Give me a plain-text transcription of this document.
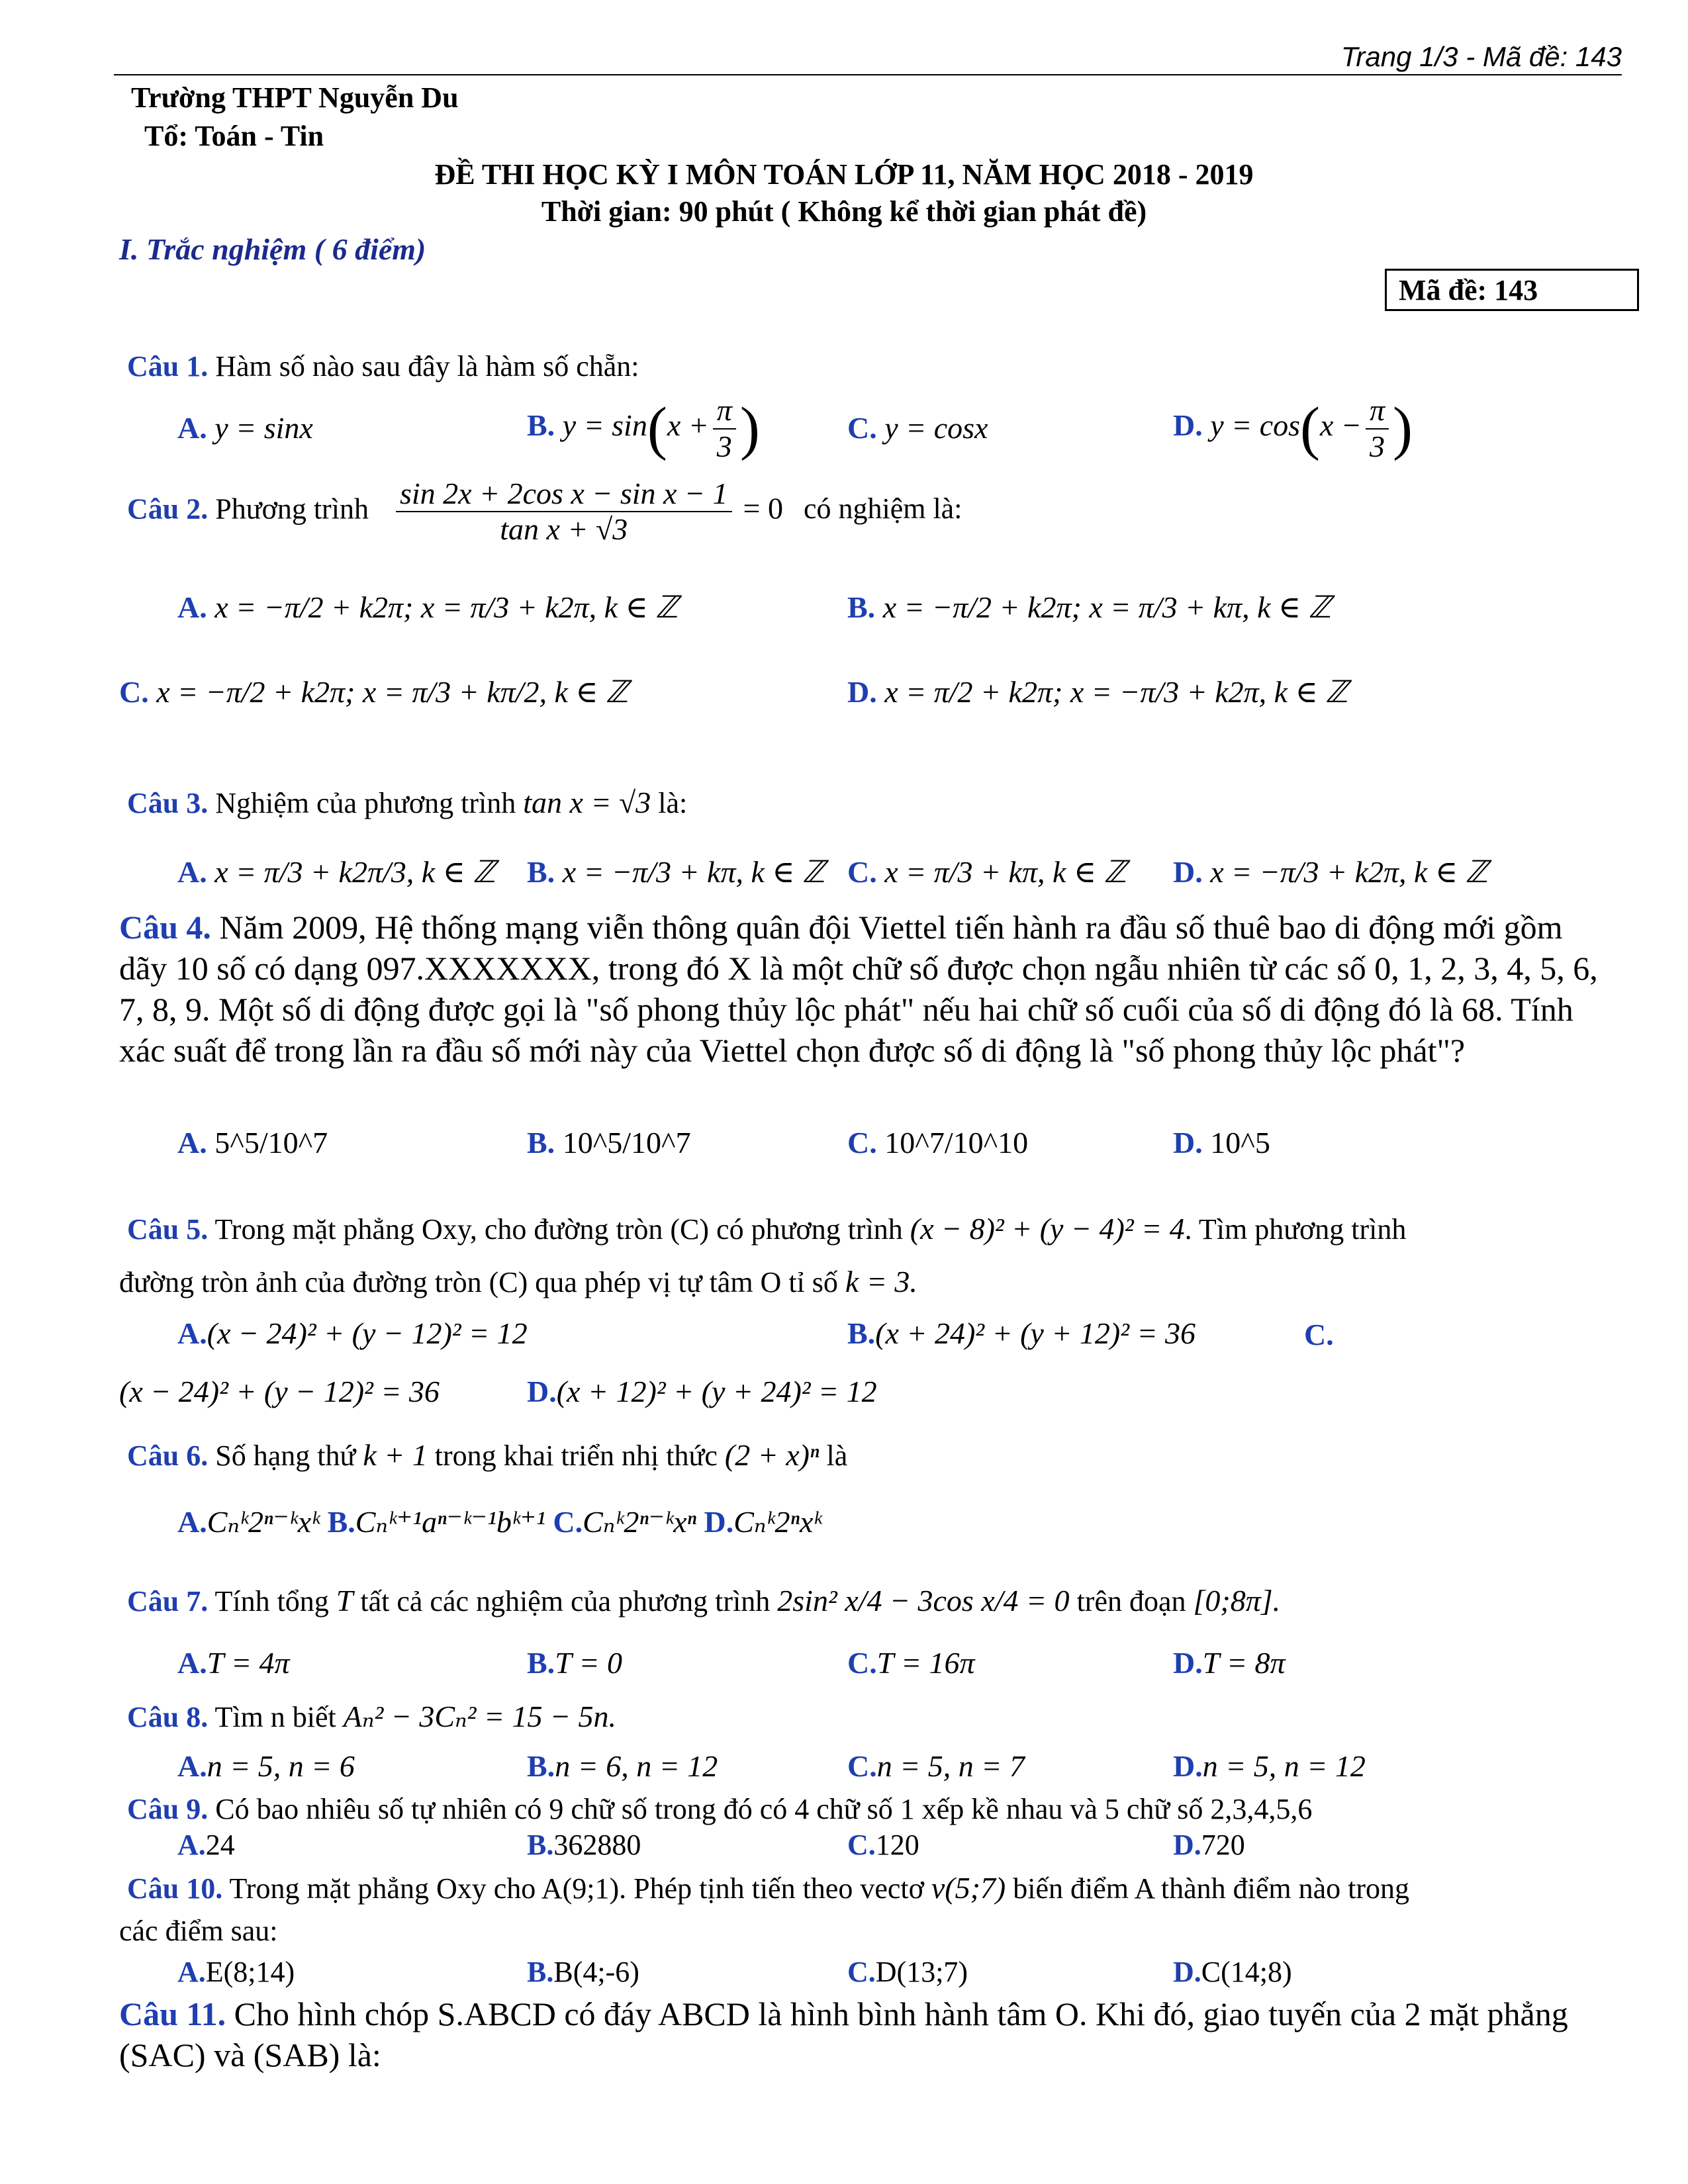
Trang 1/3 - Mã đề: 143
Trường THPT Nguyễn Du
Tổ: Toán - Tin
ĐỀ THI HỌC KỲ I MÔN TOÁN LỚP 11, NĂM HỌC 2018 - 2019
Thời gian: 90 phút ( Không kể thời gian phát đề)
I. Trắc nghiệm ( 6 điểm)
Mã đề: 143
Câu 1. Hàm số nào sau đây là hàm số chẵn:
A. y = sinx	B. $y = \sin(x + \frac{\pi}{3}$ )	C. y = cosx	D. $y = \cos(x - \frac{\pi}{3}$ )
Câu 2. Phương trình $\frac{\text{sin 2x + 2cos x − sin x − 1}}{\text{tan x + √3}} = 0$ có nghiệm là:
A. x = −π/2 + k2π; x = π/3 + k2π, k ∈ ℤ	B. x = −π/2 + k2π; x = π/3 + kπ, k ∈ ℤ
C. x = −π/2 + k2π; x = π/3 + kπ/2, k ∈ ℤ	D. x = π/2 + k2π; x = −π/3 + k2π, k ∈ ℤ
Câu 3. Nghiệm của phương trình tan x = √3 là:
A. x = π/3 + k2π/3, k ∈ ℤ B. x = −π/3 + kπ, k ∈ ℤ C. x = π/3 + kπ, k ∈ ℤ D. x = −π/3 + k2π, k ∈ ℤ
Câu 4. Năm 2009, Hệ thống mạng viễn thông quân đội Viettel tiến hành ra đầu số thuê bao di động mới gồm dãy 10 số có dạng 097.XXXXXXX, trong đó X là một chữ số được chọn ngẫu nhiên từ các số 0, 1, 2, 3, 4, 5, 6, 7, 8, 9. Một số di động được gọi là "số phong thủy lộc phát" nếu hai chữ số cuối của số di động đó là 68. Tính xác suất để trong lần ra đầu số mới này của Viettel chọn được số di động là "số phong thủy lộc phát"?
A. 5^5/10^7	B. 10^5/10^7	C. 10^7/10^10	D. 10^5
Câu 5. Trong mặt phẳng Oxy, cho đường tròn (C) có phương trình (x − 8)² + (y − 4)² = 4. Tìm phương trình
đường tròn ảnh của đường tròn (C) qua phép vị tự tâm O tỉ số k = 3.
A.(x − 24)² + (y − 12)² = 12	B.(x + 24)² + (y + 12)² = 36	C.
(x − 24)² + (y − 12)² = 36	D.(x + 12)² + (y + 24)² = 12
Câu 6. Số hạng thứ k + 1 trong khai triển nhị thức (2 + x)ⁿ là
A.Cₙᵏ2ⁿ⁻ᵏxᵏ B.Cₙᵏ⁺¹aⁿ⁻ᵏ⁻¹bᵏ⁺¹ C.Cₙᵏ2ⁿ⁻ᵏxⁿ D.Cₙᵏ2ⁿxᵏ
Câu 7. Tính tổng T tất cả các nghiệm của phương trình 2sin² x/4 − 3cos x/4 = 0 trên đoạn [0;8π].
A.T = 4π	B.T = 0	C.T = 16π	D.T = 8π
Câu 8. Tìm n biết Aₙ² − 3Cₙ² = 15 − 5n.
A.n = 5, n = 6	B.n = 6, n = 12	C.n = 5, n = 7	D.n = 5, n = 12
Câu 9. Có bao nhiêu số tự nhiên có 9 chữ số trong đó có 4 chữ số 1 xếp kề nhau và 5 chữ số 2,3,4,5,6
A.24	B.362880	C.120	D.720
Câu 10. Trong mặt phẳng Oxy cho A(9;1). Phép tịnh tiến theo vectơ v(5;7) biến điểm A thành điểm nào trong
các điểm sau:
A.E(8;14)	B.B(4;-6)	C.D(13;7)	D.C(14;8)
Câu 11. Cho hình chóp S.ABCD có đáy ABCD là hình bình hành tâm O. Khi đó, giao tuyến của 2 mặt phẳng (SAC) và (SAB) là:
